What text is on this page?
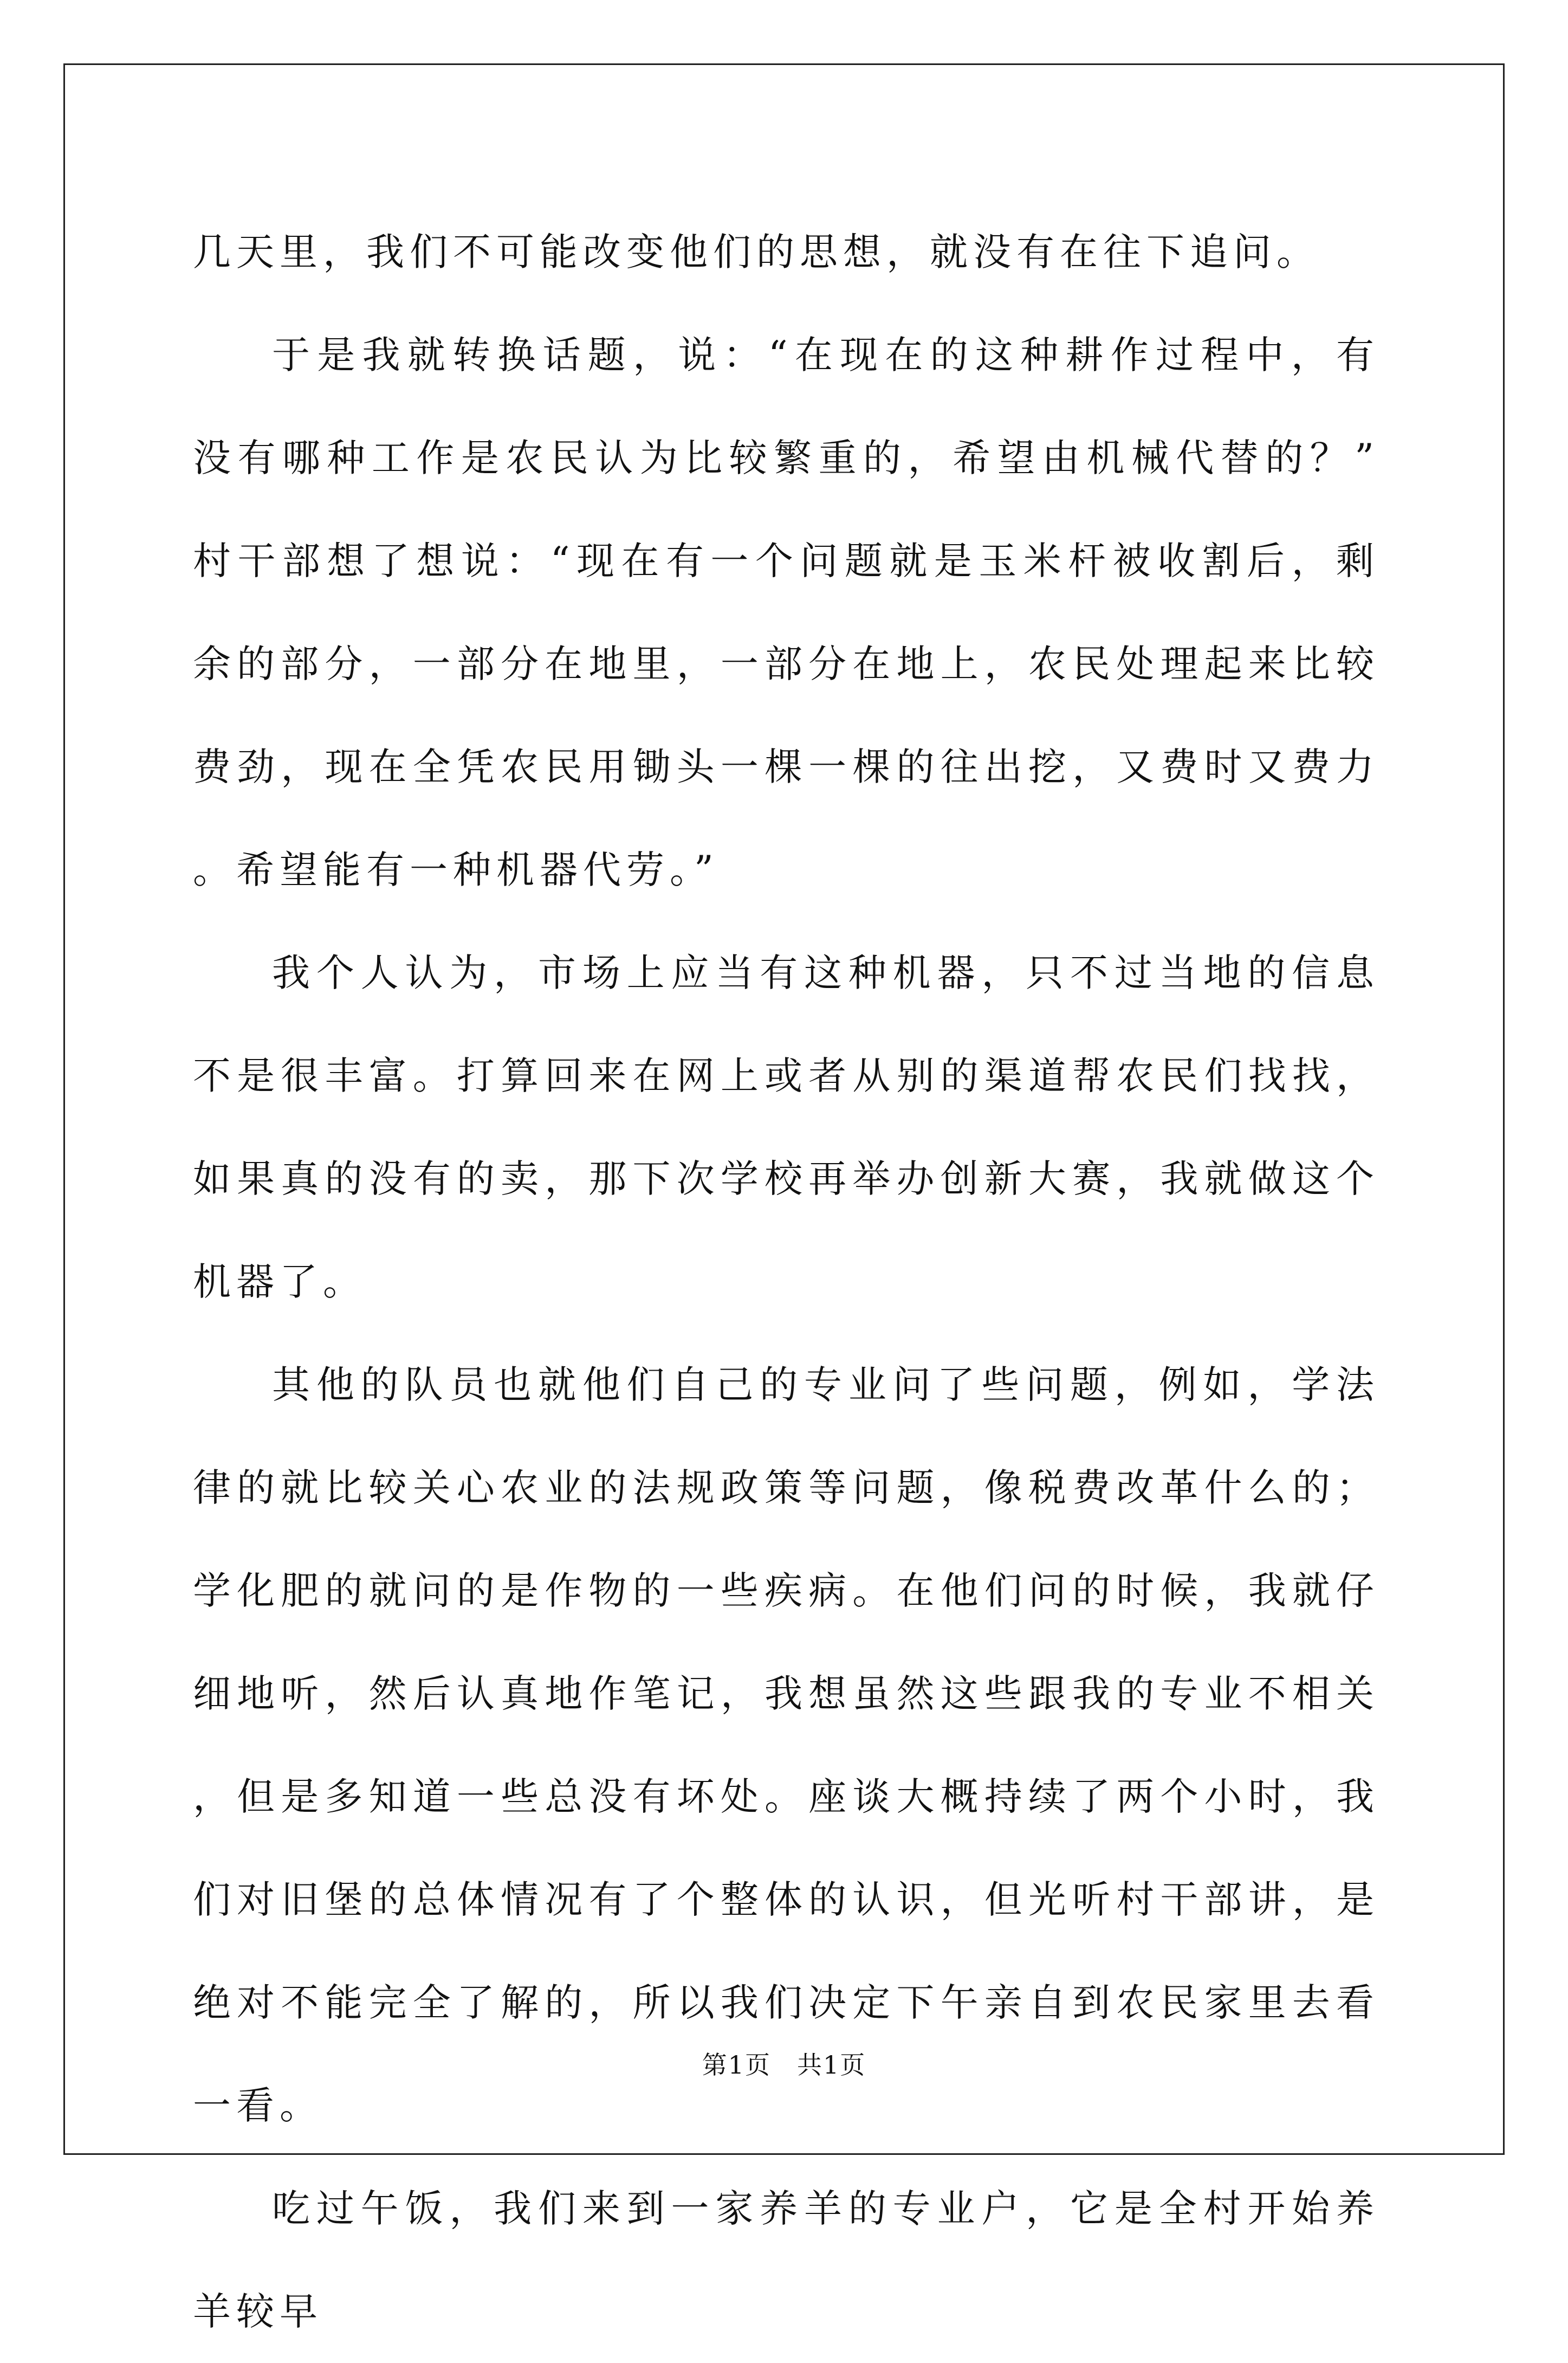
几天里，我们不可能改变他们的思想，就没有在往下追问。

于是我就转换话题，说：“在现在的这种耕作过程中，有没有哪种工作是农民认为比较繁重的，希望由机械代替的？”村干部想了想说：“现在有一个问题就是玉米杆被收割后，剩余的部分，一部分在地里，一部分在地上，农民处理起来比较费劲，现在全凭农民用锄头一棵一棵的往出挖，又费时又费力。希望能有一种机器代劳。”

我个人认为，市场上应当有这种机器，只不过当地的信息不是很丰富。打算回来在网上或者从别的渠道帮农民们找找，如果真的没有的卖，那下次学校再举办创新大赛，我就做这个机器了。

其他的队员也就他们自己的专业问了些问题，例如，学法律的就比较关心农业的法规政策等问题，像税费改革什么的；学化肥的就问的是作物的一些疾病。在他们问的时候，我就仔细地听，然后认真地作笔记，我想虽然这些跟我的专业不相关，但是多知道一些总没有坏处。座谈大概持续了两个小时，我们对旧堡的总体情况有了个整体的认识，但光听村干部讲，是绝对不能完全了解的，所以我们决定下午亲自到农民家里去看一看。

吃过午饭，我们来到一家养羊的专业户，它是全村开始养羊较早

第1页　共1页
